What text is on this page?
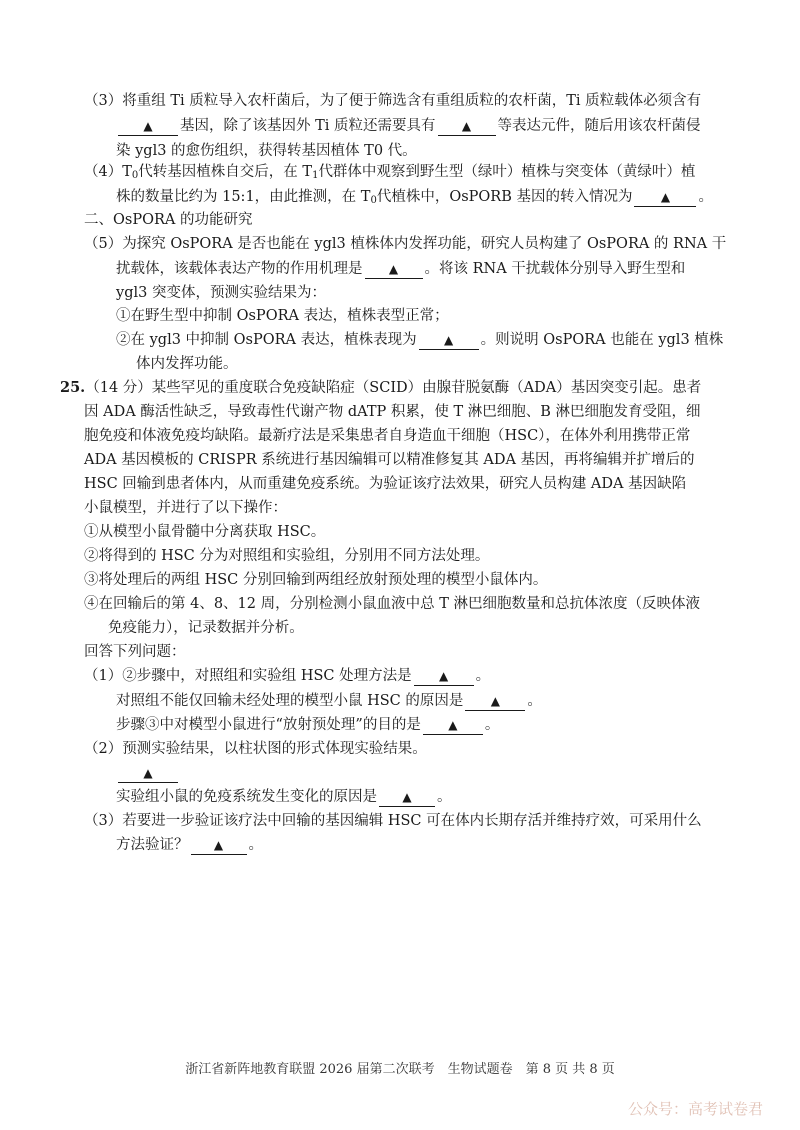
（3）将重组 Ti 质粒导入农杆菌后，为了便于筛选含有重组质粒的农杆菌，Ti 质粒载体必须含有
▲ 基因，除了该基因外 Ti 质粒还需要具有 ▲ 等表达元件，随后用该农杆菌侵
染 ygl3 的愈伤组织，获得转基因植体 T0 代。
$(4)T_0$代转基因植株自交后，在 $T_1$代群体中观察到野生型（绿叶）植株与突变体（黄绿叶）植
株的数量比约为 15:1，由此推测，在 $T_0$代植株中，OsPORB 基因的转入情况为 ▲ 。
二、OsPORA 的功能研究
（5）为探究 OsPORA 是否也能在 ygl3 植株体内发挥功能，研究人员构建了 OsPORA 的 RNA 干
扰载体，该载体表达产物的作用机理是 ▲ 。将该 RNA 干扰载体分别导入野生型和
ygl3 突变体，预测实验结果为：
①在野生型中抑制 OsPORA 表达，植株表型正常；
②在 ygl3 中抑制 OsPORA 表达，植株表现为 ▲ 。则说明 OsPORA 也能在 ygl3 植株
体内发挥功能。
25.（14 分）某些罕见的重度联合免疫缺陷症（SCID）由腺苷脱氨酶（ADA）基因突变引起。患者
因 ADA 酶活性缺乏，导致毒性代谢产物 dATP 积累，使 T 淋巴细胞、B 淋巴细胞发育受阻，细
胞免疫和体液免疫均缺陷。最新疗法是采集患者自身造血干细胞（HSC），在体外利用携带正常
ADA 基因模板的 CRISPR 系统进行基因编辑可以精准修复其 ADA 基因，再将编辑并扩增后的
HSC 回输到患者体内，从而重建免疫系统。为验证该疗法效果，研究人员构建 ADA 基因缺陷
小鼠模型，并进行了以下操作：
①从模型小鼠骨髓中分离获取 HSC。
②将得到的 HSC 分为对照组和实验组，分别用不同方法处理。
③将处理后的两组 HSC 分别回输到两组经放射预处理的模型小鼠体内。
④在回输后的第 4、8、12 周，分别检测小鼠血液中总 T 淋巴细胞数量和总抗体浓度（反映体液
免疫能力），记录数据并分析。
回答下列问题：
（1）②步骤中，对照组和实验组 HSC 处理方法是 ▲ 。
对照组不能仅回输未经处理的模型小鼠 HSC 的原因是 ▲ 。
步骤③中对模型小鼠进行“放射预处理”的目的是 ▲ 。
（2）预测实验结果，以柱状图的形式体现实验结果。
▲
实验组小鼠的免疫系统发生变化的原因是 ▲ 。
（3）若要进一步验证该疗法中回输的基因编辑 HSC 可在体内长期存活并维持疗效，可采用什么
方法验证？ ▲ 。
浙江省新阵地教育联盟 2026 届第二次联考　生物试题卷　第 8 页 共 8 页
公众号：高考试卷君
